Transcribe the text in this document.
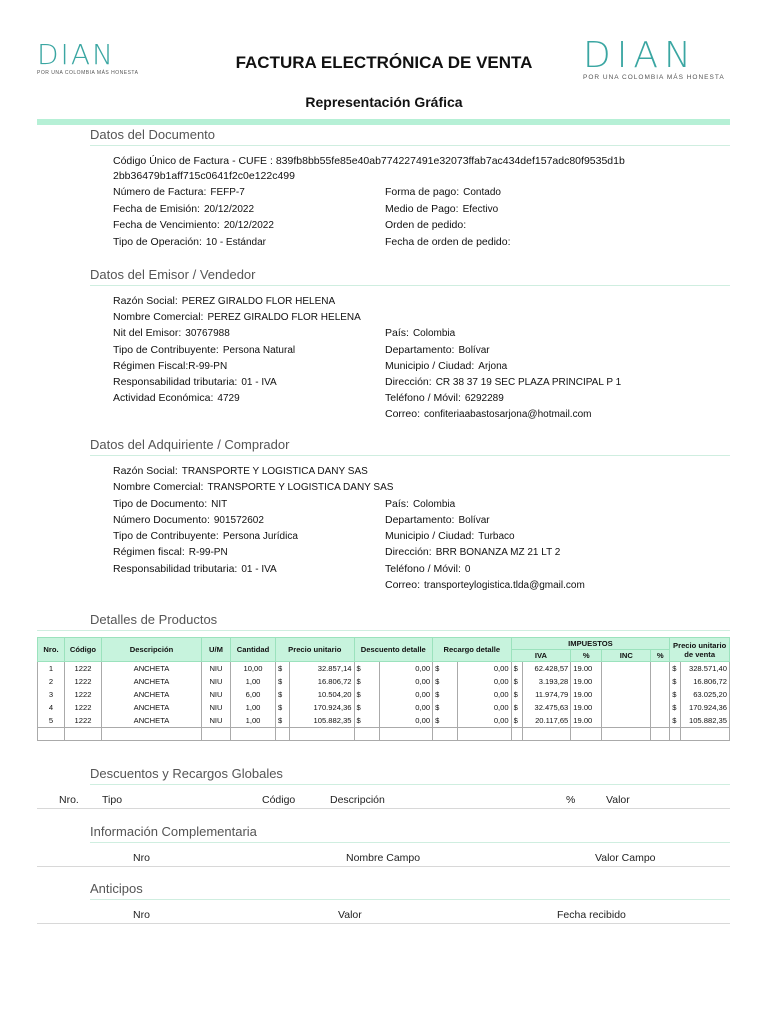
DIAN
POR UNA COLOMBIA MÁS HONESTA	DIAN
POR UNA COLOMBIA MÁS HONESTA
FACTURA ELECTRÓNICA DE VENTA
Representación Gráfica
Datos del Documento
Código Único de Factura - CUFE : 839fb8bb55fe85e40ab774227491e32073ffab7ac434def157adc80f9535d1b
2bb36479b1aff715c0641f2c0e122c499
Número de Factura: FEFP-7
Fecha de Emisión: 20/12/2022
Fecha de Vencimiento: 20/12/2022
Tipo de Operación: 10 - Estándar
Forma de pago: Contado
Medio de Pago: Efectivo
Orden de pedido:
Fecha de orden de pedido:
Datos del Emisor / Vendedor
Razón Social: PEREZ GIRALDO FLOR HELENA
Nombre Comercial: PEREZ GIRALDO FLOR HELENA
Nit del Emisor: 30767988
Tipo de Contribuyente: Persona Natural
Régimen Fiscal:R-99-PN
Responsabilidad tributaria: 01 - IVA
Actividad Económica: 4729
País: Colombia
Departamento: Bolívar
Municipio / Ciudad: Arjona
Dirección: CR 38 37 19 SEC PLAZA PRINCIPAL P 1
Teléfono / Móvil: 6292289
Correo: confiteriaabastosarjona@hotmail.com
Datos del Adquiriente / Comprador
Razón Social: TRANSPORTE Y LOGISTICA DANY SAS
Nombre Comercial: TRANSPORTE Y LOGISTICA DANY SAS
Tipo de Documento: NIT
Número Documento: 901572602
Tipo de Contribuyente: Persona Jurídica
Régimen fiscal: R-99-PN
Responsabilidad tributaria: 01 - IVA
País: Colombia
Departamento: Bolívar
Municipio / Ciudad: Turbaco
Dirección: BRR BONANZA MZ 21 LT 2
Teléfono / Móvil: 0
Correo: transporteylogistica.tlda@gmail.com
Detalles de Productos
Nro.	Código	Descripción	U/M	Cantidad	Precio unitario		Descuento detalle		Recargo detalle		IMPUESTOS					Precio unitario de venta	
											IVA		%	INC	%		
1	1222	ANCHETA	NIU	10,00	$	32.857,14	$	0,00	$	0,00	$	62.428,57	19.00			$	328.571,40
2	1222	ANCHETA	NIU	1,00	$	16.806,72	$	0,00	$	0,00	$	3.193,28	19.00			$	16.806,72
3	1222	ANCHETA	NIU	6,00	$	10.504,20	$	0,00	$	0,00	$	11.974,79	19.00			$	63.025,20
4	1222	ANCHETA	NIU	1,00	$	170.924,36	$	0,00	$	0,00	$	32.475,63	19.00			$	170.924,36
5	1222	ANCHETA	NIU	1,00	$	105.882,35	$	0,00	$	0,00	$	20.117,65	19.00			$	105.882,35

Descuentos y Recargos Globales
Nro. Tipo	Código	Descripción	%	Valor
Información Complementaria
Nro	Nombre Campo	Valor Campo
Anticipos
Nro	Valor	Fecha recibido
